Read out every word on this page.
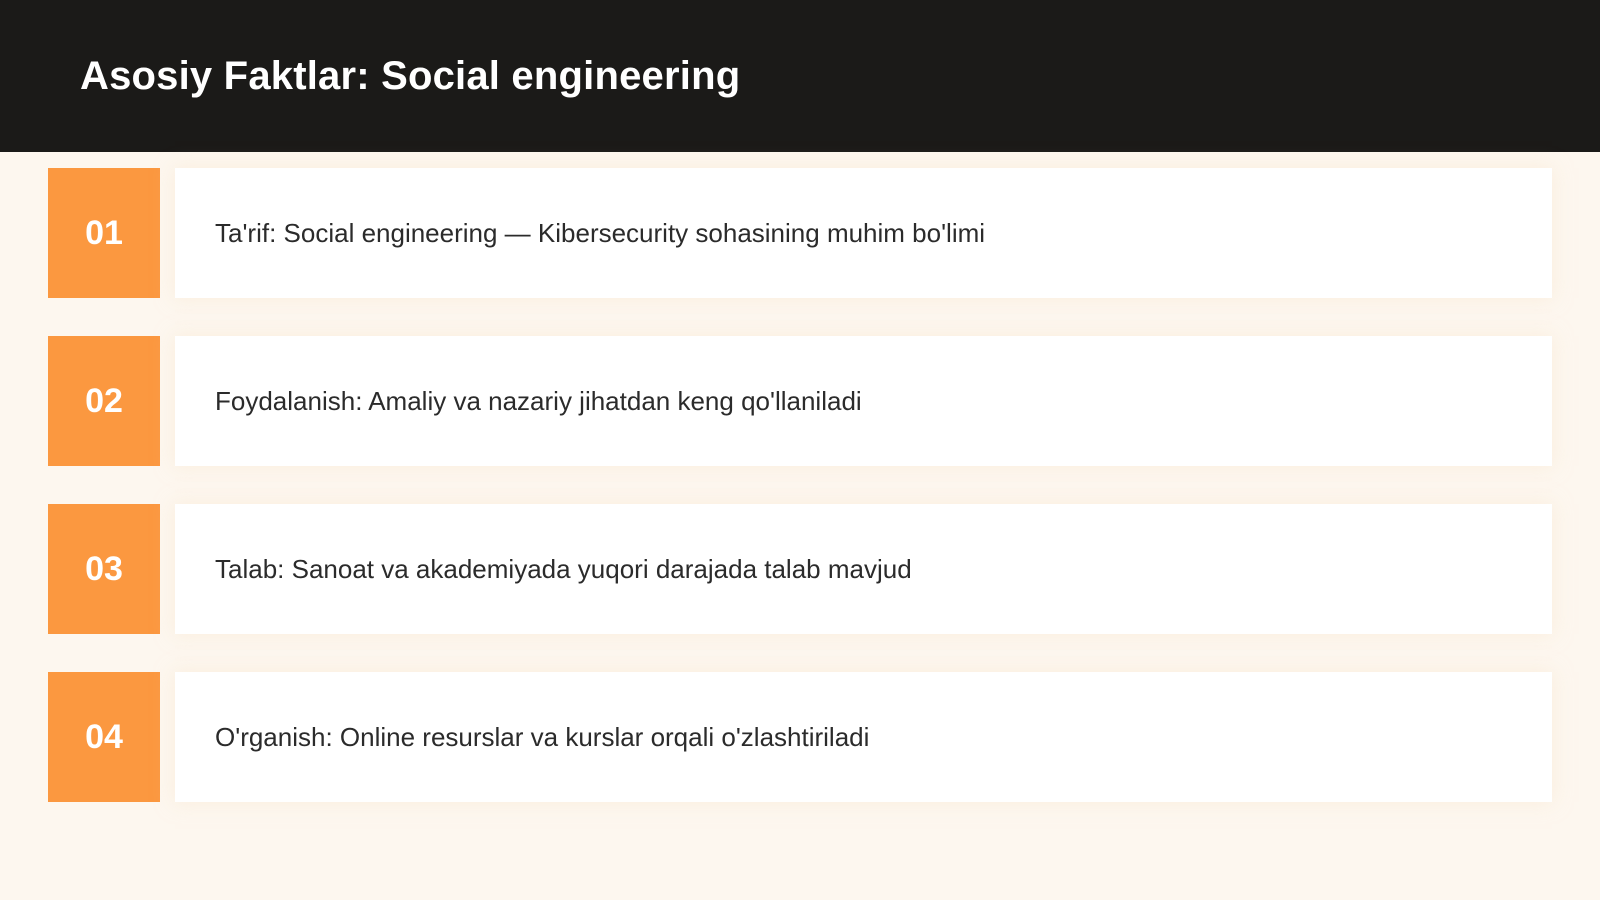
Asosiy Faktlar: Social engineering
01	Ta'rif: Social engineering — Kibersecurity sohasining muhim bo'limi
02	Foydalanish: Amaliy va nazariy jihatdan keng qo'llaniladi
03	Talab: Sanoat va akademiyada yuqori darajada talab mavjud
04	O'rganish: Online resurslar va kurslar orqali o'zlashtiriladi
